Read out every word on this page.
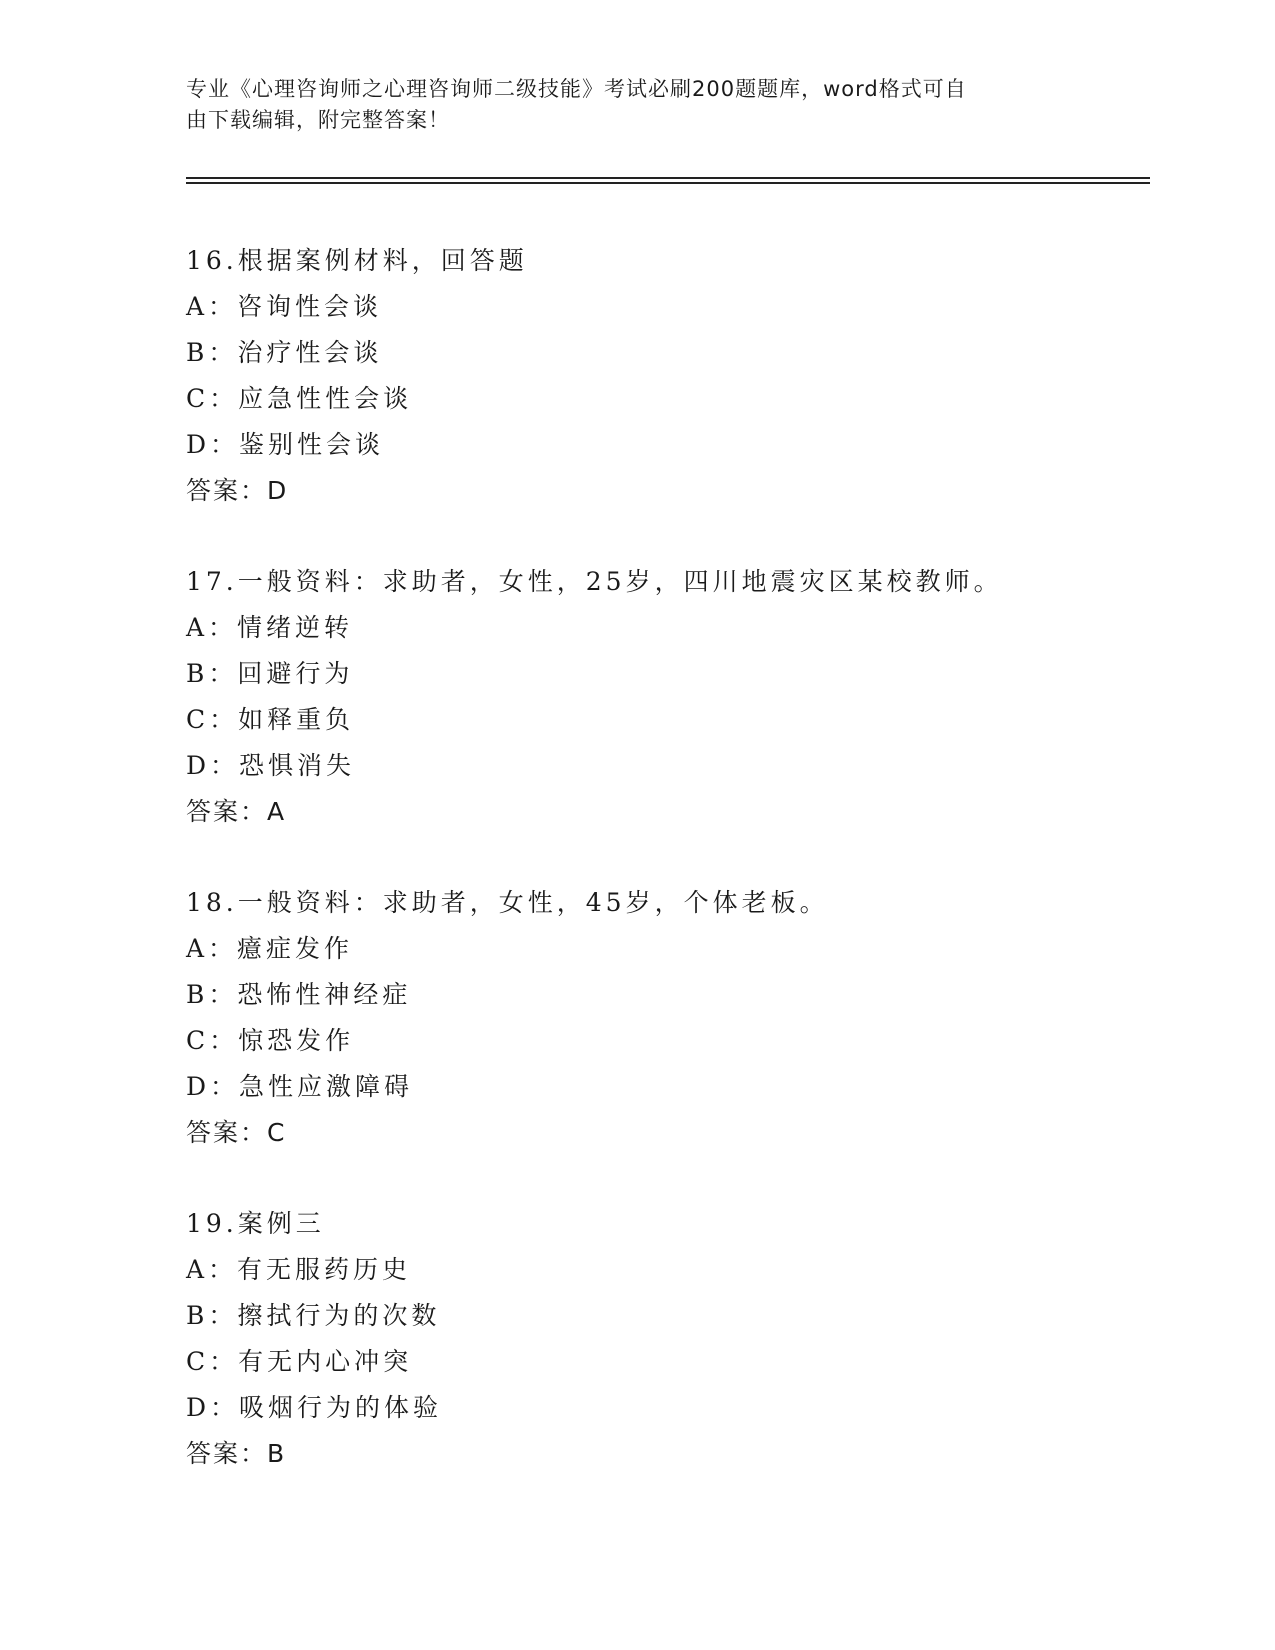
专业《心理咨询师之心理咨询师二级技能》考试必刷200题题库，word格式可自
由下载编辑，附完整答案！
16.根据案例材料，回答题
A：咨询性会谈
B：治疗性会谈
C：应急性性会谈
D：鉴别性会谈
答案：D
17.一般资料：求助者，女性，25岁，四川地震灾区某校教师。
A：情绪逆转
B：回避行为
C：如释重负
D：恐惧消失
答案：A
18.一般资料：求助者，女性，45岁，个体老板。
A：癔症发作
B：恐怖性神经症
C：惊恐发作
D：急性应激障碍
答案：C
19.案例三
A：有无服药历史
B：擦拭行为的次数
C：有无内心冲突
D：吸烟行为的体验
答案：B
